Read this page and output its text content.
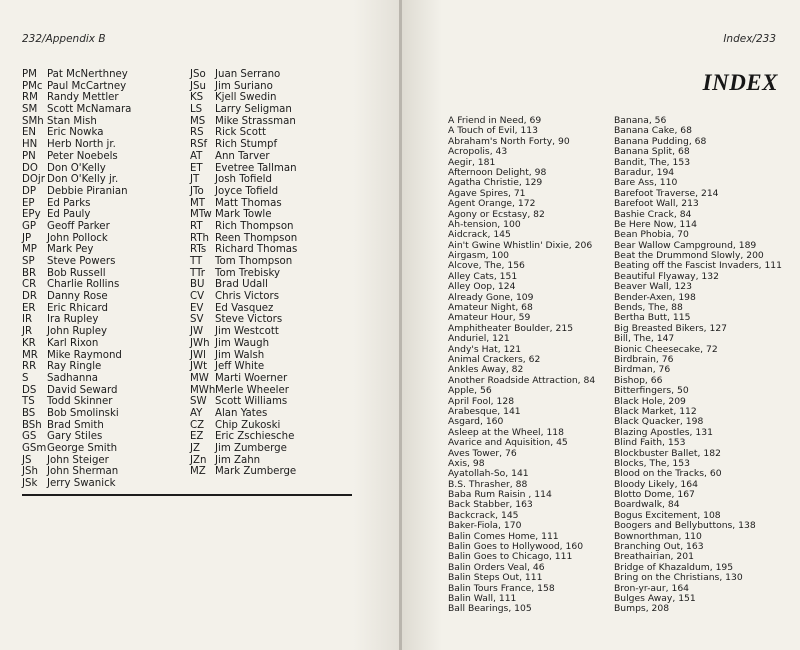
232/Appendix B
PM Pat McNerthney
PMc Paul McCartney
RM Randy Mettler
SM Scott McNamara
SMh Stan Mish
EN Eric Nowka
HN Herb North jr.
PN Peter Noebels
DO Don O'Kelly
DOjr Don O'Kelly jr.
DP Debbie Piranian
EP Ed Parks
EPy Ed Pauly
GP Geoff Parker
JP John Pollock
MP Mark Pey
SP Steve Powers
BR Bob Russell
CR Charlie Rollins
DR Danny Rose
ER Eric Rhicard
IR Ira Rupley
JR John Rupley
KR Karl Rixon
MR Mike Raymond
RR Ray Ringle
S Sadhanna
DS David Seward
TS Todd Skinner
BS Bob Smolinski
BSh Brad Smith
GS Gary Stiles
GSmGeorge Smith
JS John Steiger
JSh John Sherman
JSk Jerry Swanick
JSo Juan Serrano
JSu Jim Suriano
KS Kjell Swedin
LS Larry Seligman
MS Mike Strassman
RS Rick Scott
RSf Rich Stumpf
AT Ann Tarver
ET Evetree Tallman
JT Josh Tofield
JTo Joyce Tofield
MT Matt Thomas
MTw Mark Towle
RT Rich Thompson
RTh Reen Thompson
RTs Richard Thomas
TT Tom Thompson
TTr Tom Trebisky
BU Brad Udall
CV Chris Victors
EV Ed Vasquez
SV Steve Victors
JW Jim Westcott
JWh Jim Waugh
JWl Jim Walsh
JWt Jeff White
MW Marti Woerner
MWhMerle Wheeler
SW Scott Williams
AY Alan Yates
CZ Chip Zukoski
EZ Eric Zschiesche
JZ Jim Zumberge
JZn Jim Zahn
MZ Mark Zumberge
Index/233
INDEX
A Friend in Need, 69
A Touch of Evil, 113
Abraham's North Forty, 90
Acropolis, 43
Aegir, 181
Afternoon Delight, 98
Agatha Christie, 129
Agave Spires, 71
Agent Orange, 172
Agony or Ecstasy, 82
Ah-tension, 100
Aidcrack, 145
Ain't Gwine Whistlin' Dixie, 206
Airgasm, 100
Alcove, The, 156
Alley Cats, 151
Alley Oop, 124
Already Gone, 109
Amateur Night, 68
Amateur Hour, 59
Amphitheater Boulder, 215
Anduriel, 121
Andy's Hat, 121
Animal Crackers, 62
Ankles Away, 82
Another Roadside Attraction, 84
Apple, 56
April Fool, 128
Arabesque, 141
Asgard, 160
Asleep at the Wheel, 118
Avarice and Aquisition, 45
Aves Tower, 76
Axis, 98
Ayatollah-So, 141
B.S. Thrasher, 88
Baba Rum Raisin , 114
Back Stabber, 163
Backcrack, 145
Baker-Fiola, 170
Balin Comes Home, 111
Balin Goes to Hollywood, 160
Balin Goes to Chicago, 111
Balin Orders Veal, 46
Balin Steps Out, 111
Balin Tours France, 158
Balin Wall, 111
Ball Bearings, 105
Banana, 56
Banana Cake, 68
Banana Pudding, 68
Banana Split, 68
Bandit, The, 153
Baradur, 194
Bare Ass, 110
Barefoot Traverse, 214
Barefoot Wall, 213
Bashie Crack, 84
Be Here Now, 114
Bean Phobia, 70
Bear Wallow Campground, 189
Beat the Drummond Slowly, 200
Beating off the Fascist Invaders, 111
Beautiful Flyaway, 132
Beaver Wall, 123
Bender-Axen, 198
Bends, The, 88
Bertha Butt, 115
Big Breasted Bikers, 127
Bill, The, 147
Bionic Cheesecake, 72
Birdbrain, 76
Birdman, 76
Bishop, 66
Bitterfingers, 50
Black Hole, 209
Black Market, 112
Black Quacker, 198
Blazing Apostles, 131
Blind Faith, 153
Blockbuster Ballet, 182
Blocks, The, 153
Blood on the Tracks, 60
Bloody Likely, 164
Blotto Dome, 167
Boardwalk, 84
Bogus Excitement, 108
Boogers and Bellybuttons, 138
Bownorthman, 110
Branching Out, 163
Breathairian, 201
Bridge of Khazaldum, 195
Bring on the Christians, 130
Bron-yr-aur, 164
Bulges Away, 151
Bumps, 208
